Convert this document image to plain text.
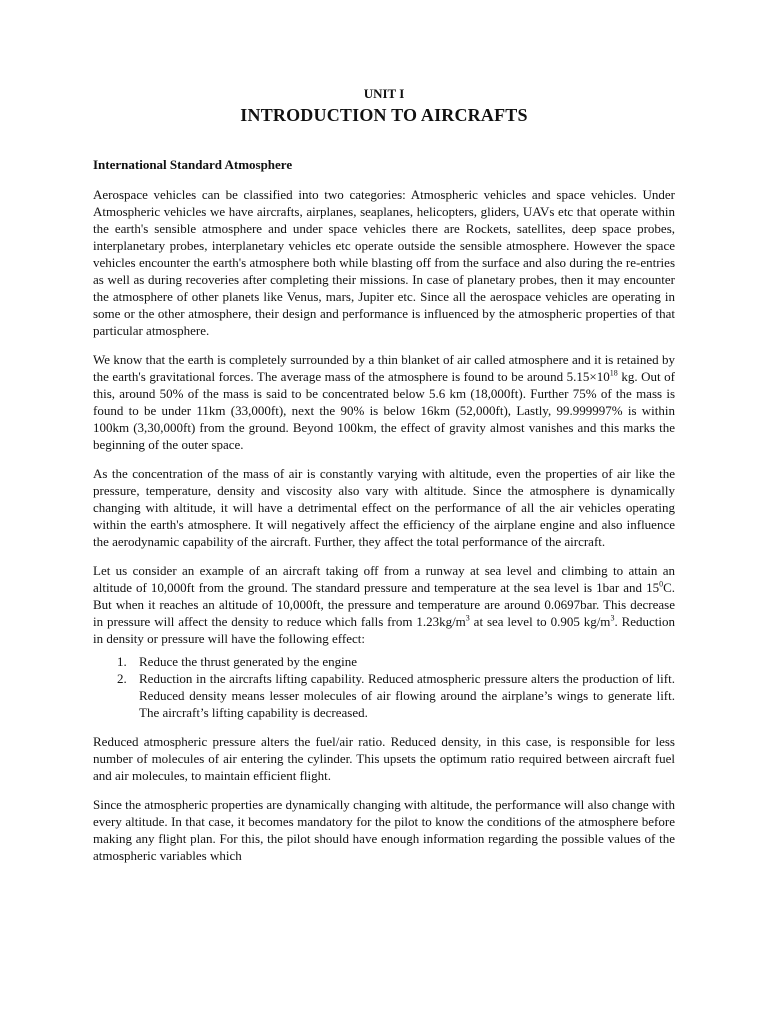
UNIT I

INTRODUCTION TO AIRCRAFTS
International Standard Atmosphere

Aerospace vehicles can be classified into two categories: Atmospheric vehicles and space vehicles. Under Atmospheric vehicles we have aircrafts, airplanes, seaplanes, helicopters, gliders, UAVs etc that operate within the earth's sensible atmosphere and under space vehicles there are Rockets, satellites, deep space probes, interplanetary probes, interplanetary vehicles etc operate outside the sensible atmosphere. However the space vehicles encounter the earth's atmosphere both while blasting off from the surface and also during the re-entries as well as during recoveries after completing their missions. In case of planetary probes, then it may encounter the atmosphere of other planets like Venus, mars, Jupiter etc. Since all the aerospace vehicles are operating in some or the other atmosphere, their design and performance is influenced by the atmospheric properties of that particular atmosphere.

We know that the earth is completely surrounded by a thin blanket of air called atmosphere and it is retained by the earth's gravitational forces. The average mass of the atmosphere is found to be around $5.15\times 10^{18}$ kg. Out of this, around 50% of the mass is said to be concentrated below 5.6 km (18,000ft). Further 75% of the mass is found to be under 11km (33,000ft), next the 90% is below 16km (52,000ft), Lastly, 99.999997% is within 100km (3,30,000ft) from the ground. Beyond 100km, the effect of gravity almost vanishes and this marks the beginning of the outer space.

As the concentration of the mass of air is constantly varying with altitude, even the properties of air like the pressure, temperature, density and viscosity also vary with altitude. Since the atmosphere is dynamically changing with altitude, it will have a detrimental effect on the performance of all the air vehicles operating within the earth's atmosphere. It will negatively affect the efficiency of the airplane engine and also influence the aerodynamic capability of the aircraft. Further, they affect the total performance of the aircraft.

Let us consider an example of an aircraft taking off from a runway at sea level and climbing to attain an altitude of 10,000ft from the ground. The standard pressure and temperature at the sea level is 1bar and $15^0C$. But when it reaches an altitude of 10,000ft, the pressure and temperature are around 0.0697bar. This decrease in pressure will affect the density to reduce which falls from $1.23kg/m^3$ at sea level to 0.905 $kg/m^3$. Reduction in density or pressure will have the following effect:

1. Reduce the thrust generated by the engine
2. Reduction in the aircrafts lifting capability. Reduced atmospheric pressure alters the production of lift. Reduced density means lesser molecules of air flowing around the airplane’s wings to generate lift. The aircraft’s lifting capability is decreased.

Reduced atmospheric pressure alters the fuel/air ratio. Reduced density, in this case, is responsible for less number of molecules of air entering the cylinder. This upsets the optimum ratio required between aircraft fuel and air molecules, to maintain efficient flight.

Since the atmospheric properties are dynamically changing with altitude, the performance will also change with every altitude. In that case, it becomes mandatory for the pilot to know the conditions of the atmosphere before making any flight plan. For this, the pilot should have enough information regarding the possible values of the atmospheric variables which
